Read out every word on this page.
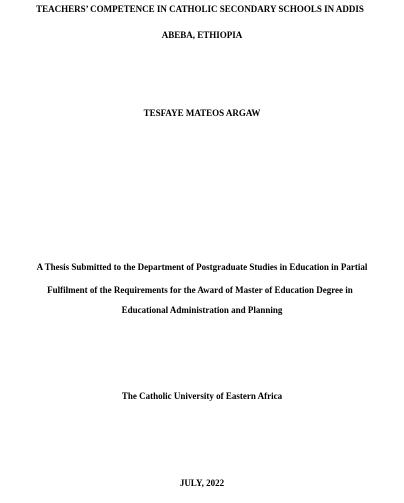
TEACHERS’ COMPETENCE IN CATHOLIC SECONDARY SCHOOLS IN ADDIS
ABEBA, ETHIOPIA
TESFAYE MATEOS ARGAW
A Thesis Submitted to the Department of Postgraduate Studies in Education in Partial
Fulfilment of the Requirements for the Award of Master of Education Degree in
Educational Administration and Planning
The Catholic University of Eastern Africa
JULY, 2022
